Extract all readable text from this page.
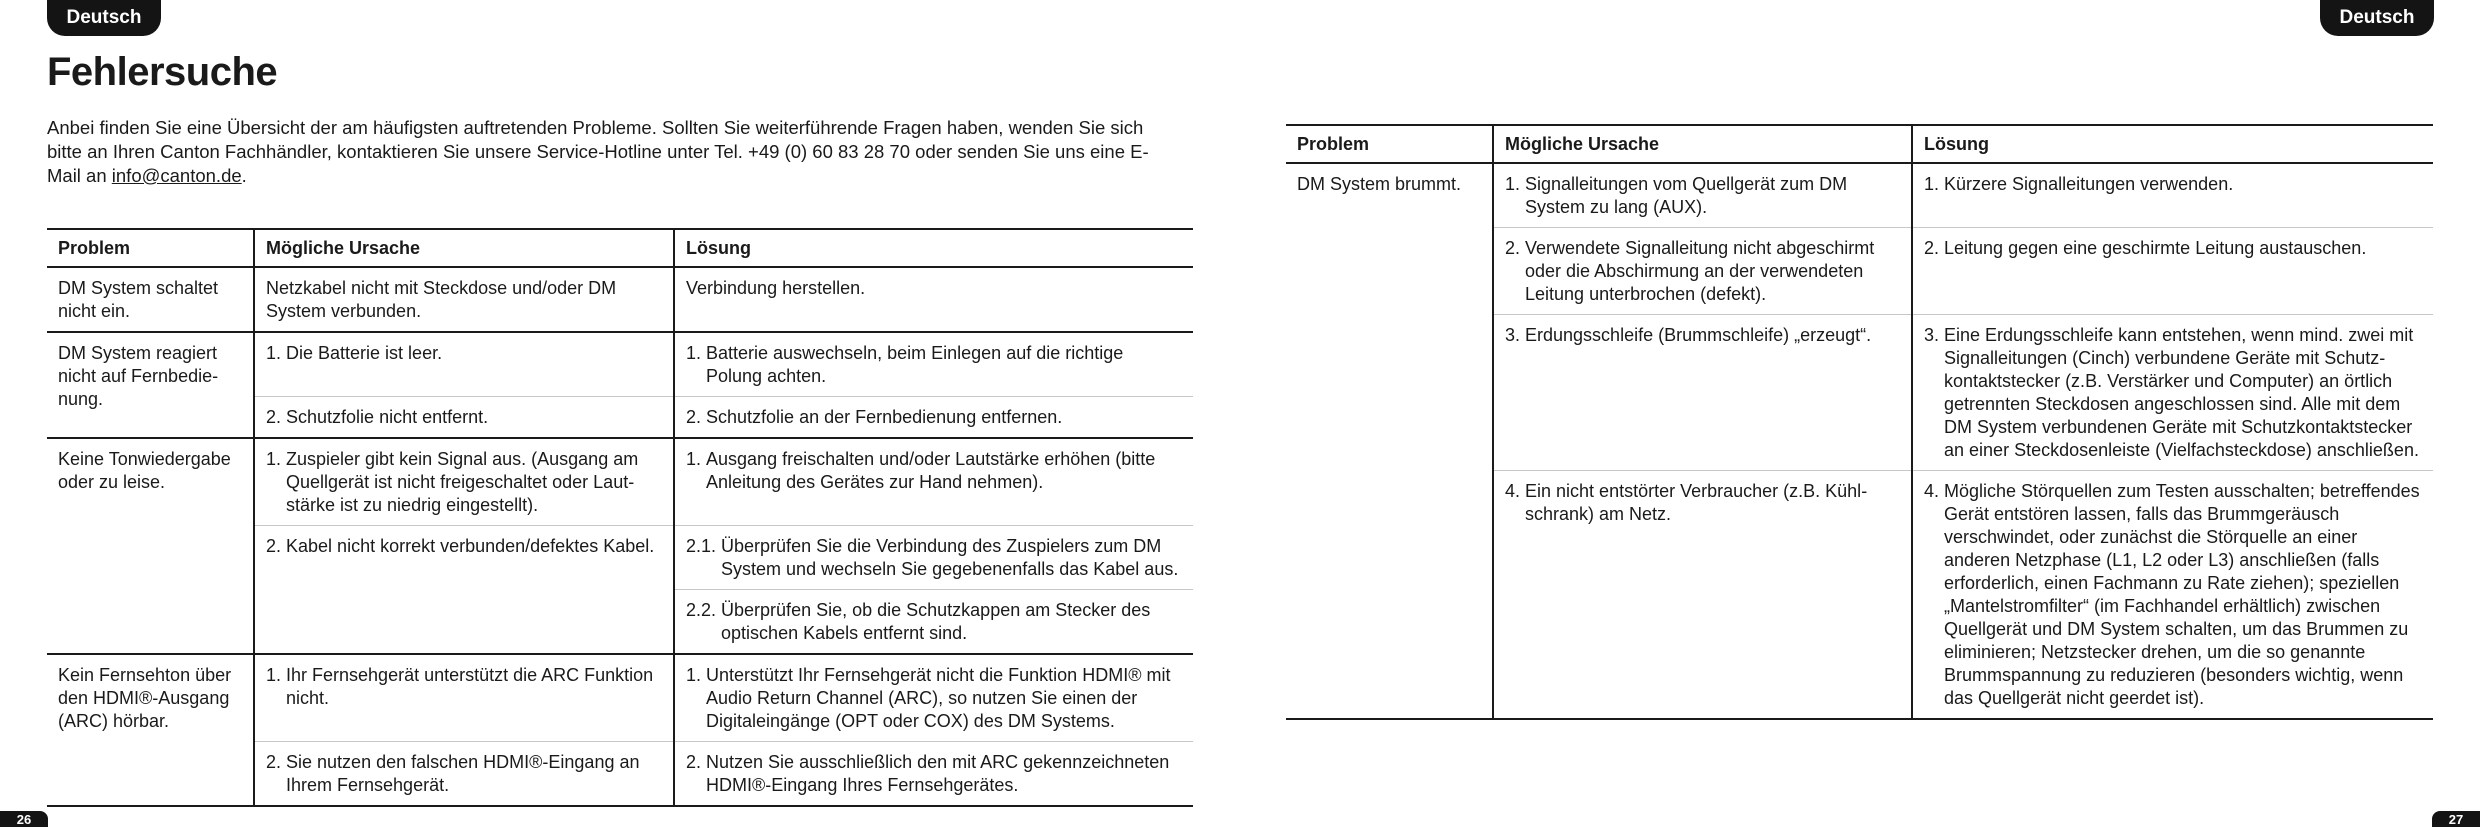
Deutsch	Deutsch
Fehlersuche

Anbei finden Sie eine Übersicht der am häufigsten auftretenden Probleme. Sollten Sie weiterführende Fragen haben, wenden Sie sich bitte an Ihren Canton Fachhändler, kontaktieren Sie unsere Service-Hotline unter Tel. +49 (0) 60 83 28 70 oder senden Sie uns eine E-Mail an info@canton.de.

Problem	Mögliche Ursache	Lösung
DM System schaltet nicht ein.	Netzkabel nicht mit Steckdose und/oder DM System verbunden.	Verbindung herstellen.
DM System reagiert nicht auf Fernbedienung.	1. Die Batterie ist leer.	1. Batterie auswechseln, beim Einlegen auf die richtige Polung achten.

	2. Schutzfolie nicht entfernt.	2. Schutzfolie an der Fernbedienung entfernen.

Keine Tonwiedergabe oder zu leise.	1. Zuspieler gibt kein Signal aus. (Ausgang am Quellgerät ist nicht freigeschaltet oder Lautstärke ist zu niedrig eingestellt).	1. Ausgang freischalten und/oder Lautstärke erhöhen (bitte Anleitung des Gerätes zur Hand nehmen).

	2. Kabel nicht korrekt verbunden/defektes Kabel.	2.1. Überprüfen Sie die Verbindung des Zuspielers zum DM System und wechseln Sie gegebenenfalls das Kabel aus.

		2.2. Überprüfen Sie, ob die Schutzkappen am Stecker des optischen Kabels entfernt sind.

Kein Fernsehton über den HDMI®-Ausgang (ARC) hörbar.	1. Ihr Fernsehgerät unterstützt die ARC Funktion nicht.	1. Unterstützt Ihr Fernsehgerät nicht die Funktion HDMI® mit Audio Return Channel (ARC), so nutzen Sie einen der Digitaleingänge (OPT oder COX) des DM Systems.

	2. Sie nutzen den falschen HDMI®-Eingang an Ihrem Fernsehgerät.	2. Nutzen Sie ausschließlich den mit ARC gekennzeichneten HDMI®-Eingang Ihres Fernsehgerätes.
Problem	Mögliche Ursache	Lösung
DM System brummt.	1. Signalleitungen vom Quellgerät zum DM System zu lang (AUX).	1. Kürzere Signalleitungen verwenden.

	2. Verwendete Signalleitung nicht abgeschirmt oder die Abschirmung an der verwendeten Leitung unterbrochen (defekt).	2. Leitung gegen eine geschirmte Leitung austauschen.

	3. Erdungsschleife (Brummschleife) „erzeugt“.	3. Eine Erdungsschleife kann entstehen, wenn mind. zwei mit Signalleitungen (Cinch) verbundene Geräte mit Schutzkontaktstecker (z.B. Verstärker und Computer) an örtlich getrennten Steckdosen angeschlossen sind. Alle mit dem DM System verbundenen Geräte mit Schutzkontaktstecker an einer Steckdosenleiste (Vielfachsteckdose) anschließen.

	4. Ein nicht entstörter Verbraucher (z.B. Kühlschrank) am Netz.	4. Mögliche Störquellen zum Testen ausschalten; betreffendes Gerät entstören lassen, falls das Brummgeräusch verschwindet, oder zunächst die Störquelle an einer anderen Netzphase (L1, L2 oder L3) anschließen (falls erforderlich, einen Fachmann zu Rate ziehen); speziellen „Mantelstromfilter“ (im Fachhandel erhältlich) zwischen Quellgerät und DM System schalten, um das Brummen zu eliminieren; Netzstecker drehen, um die so genannte Brummspannung zu reduzieren (besonders wichtig, wenn das Quellgerät nicht geerdet ist).
26	27
